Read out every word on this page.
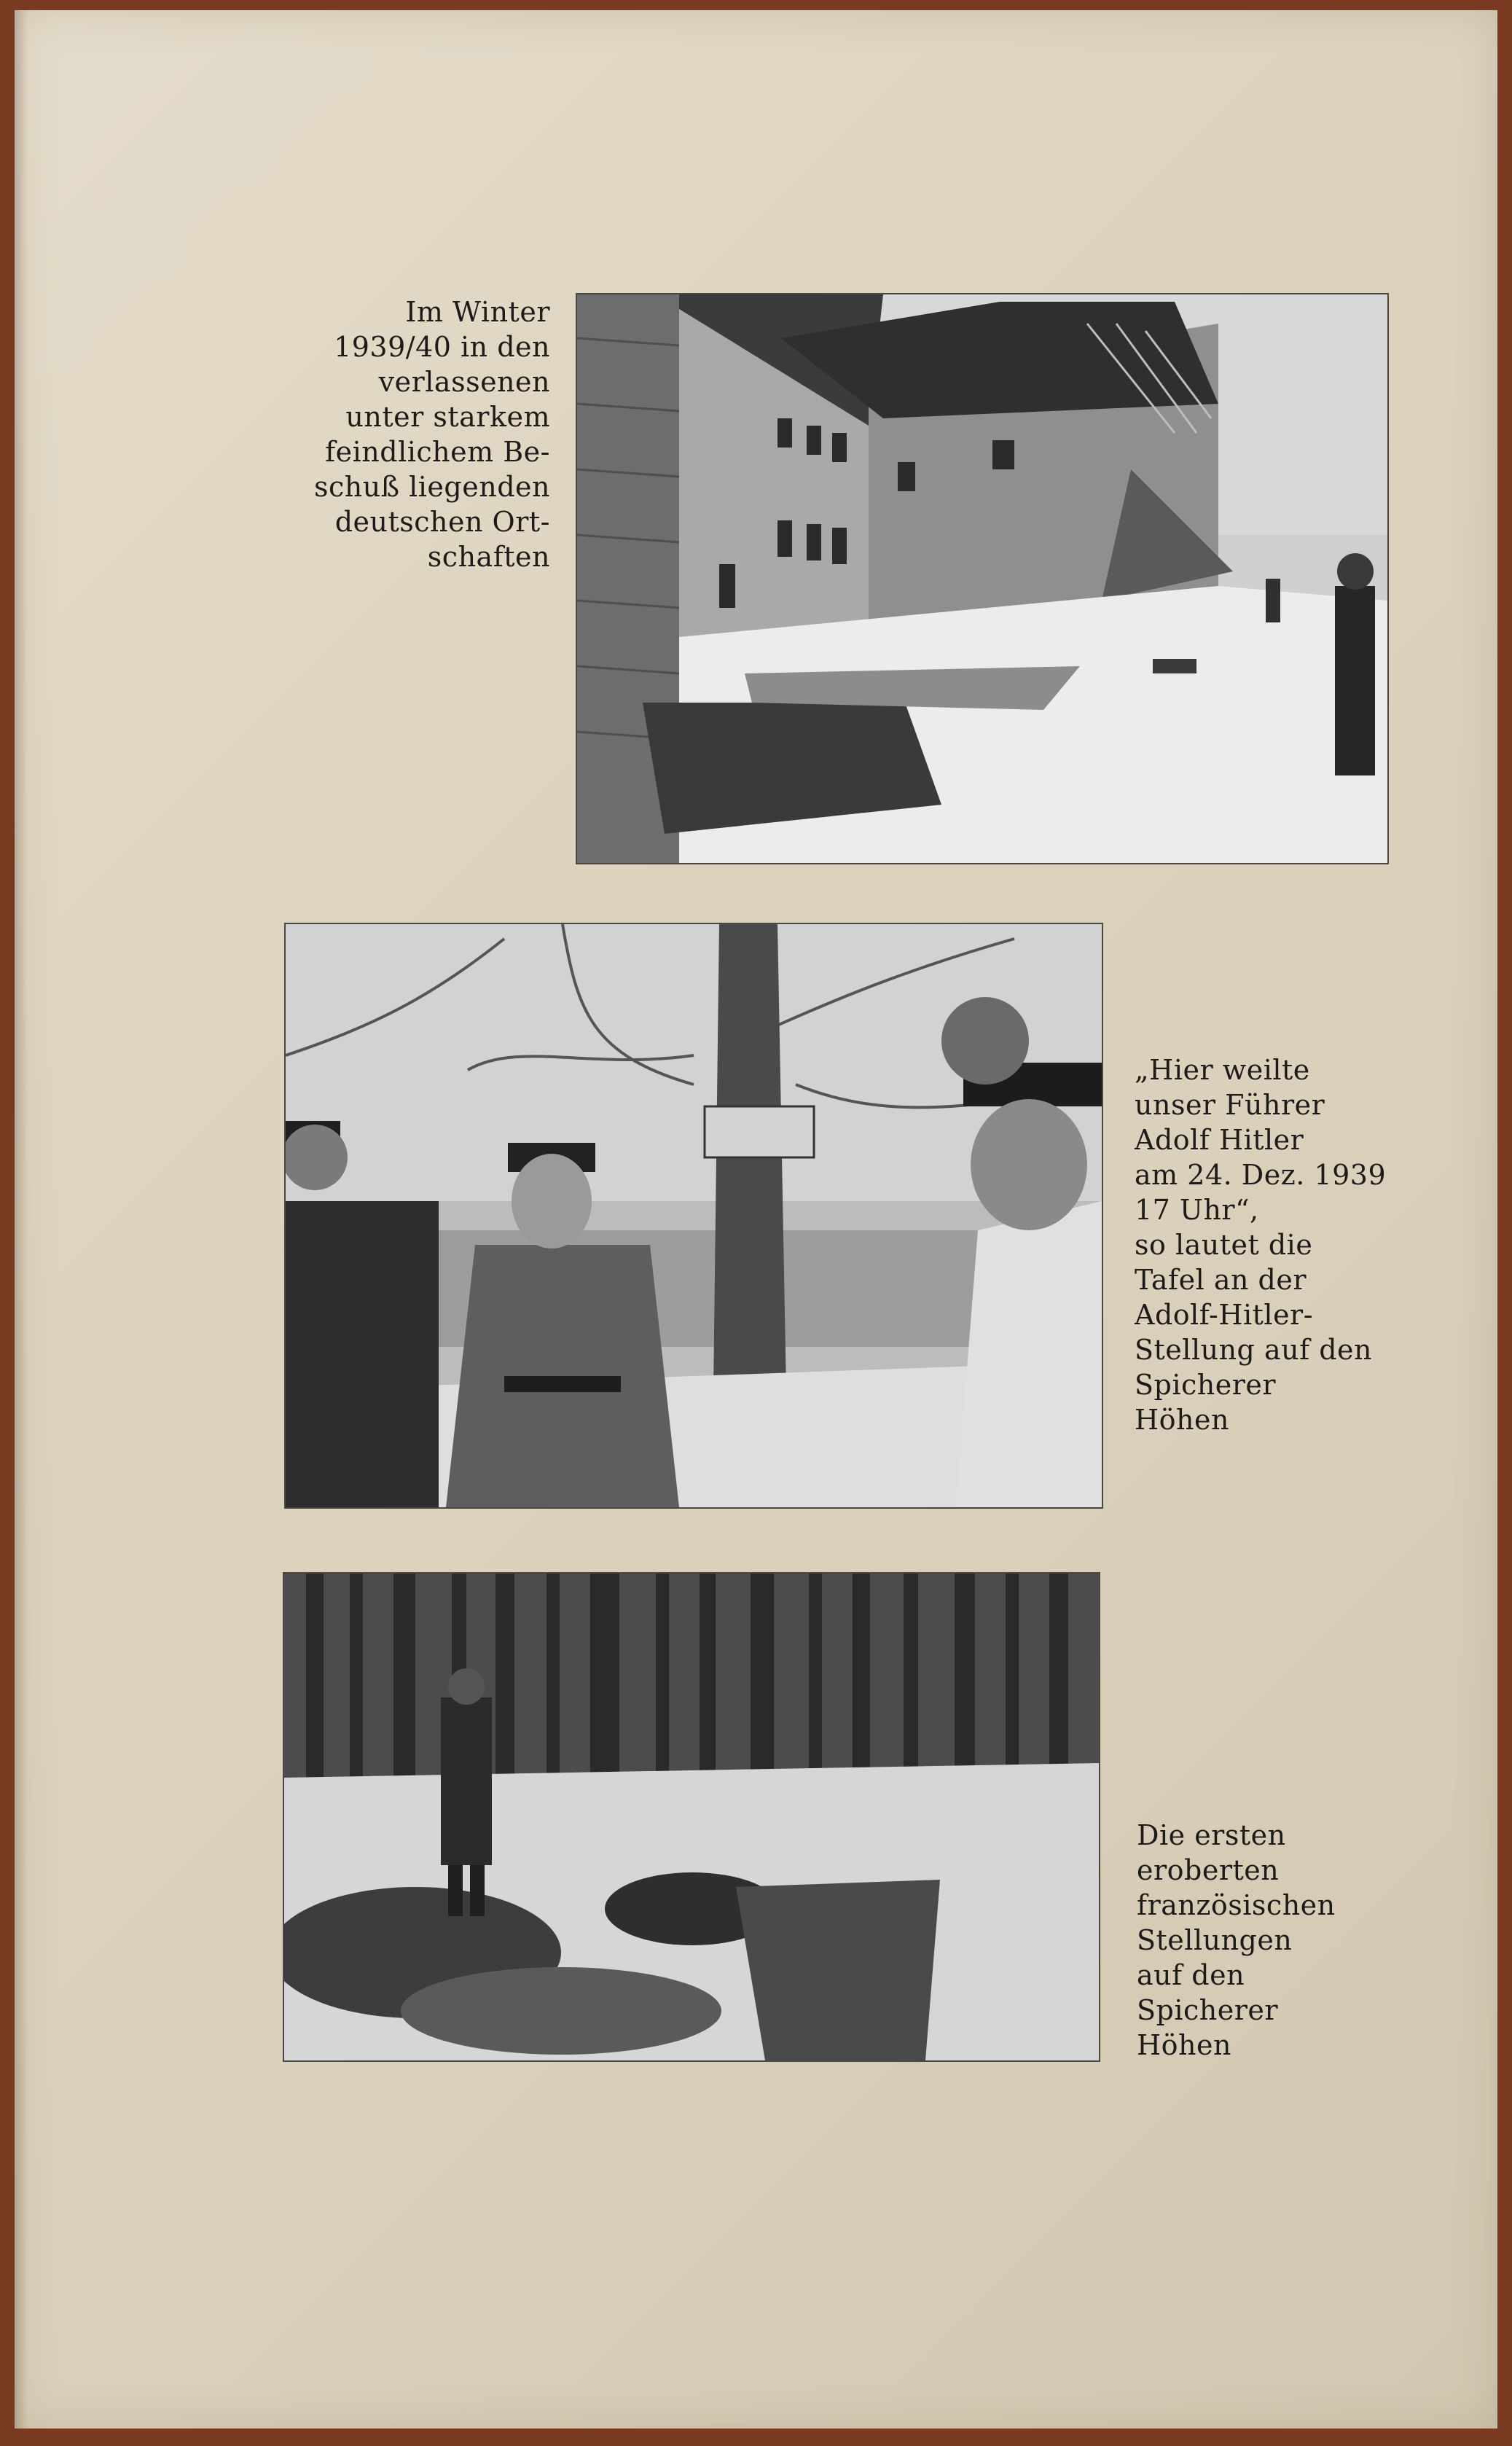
Im Winter
1939/40 in den
verlassenen
unter starkem
feindlichem Be-
schuß liegenden
deutschen Ort-
schaften
„Hier weilte
unser Führer
Adolf Hitler
am 24. Dez. 1939
17 Uhr“,
so lautet die
Tafel an der
Adolf-Hitler-
Stellung auf den
Spicherer
Höhen
Die ersten
eroberten
französischen
Stellungen
auf den
Spicherer
Höhen
